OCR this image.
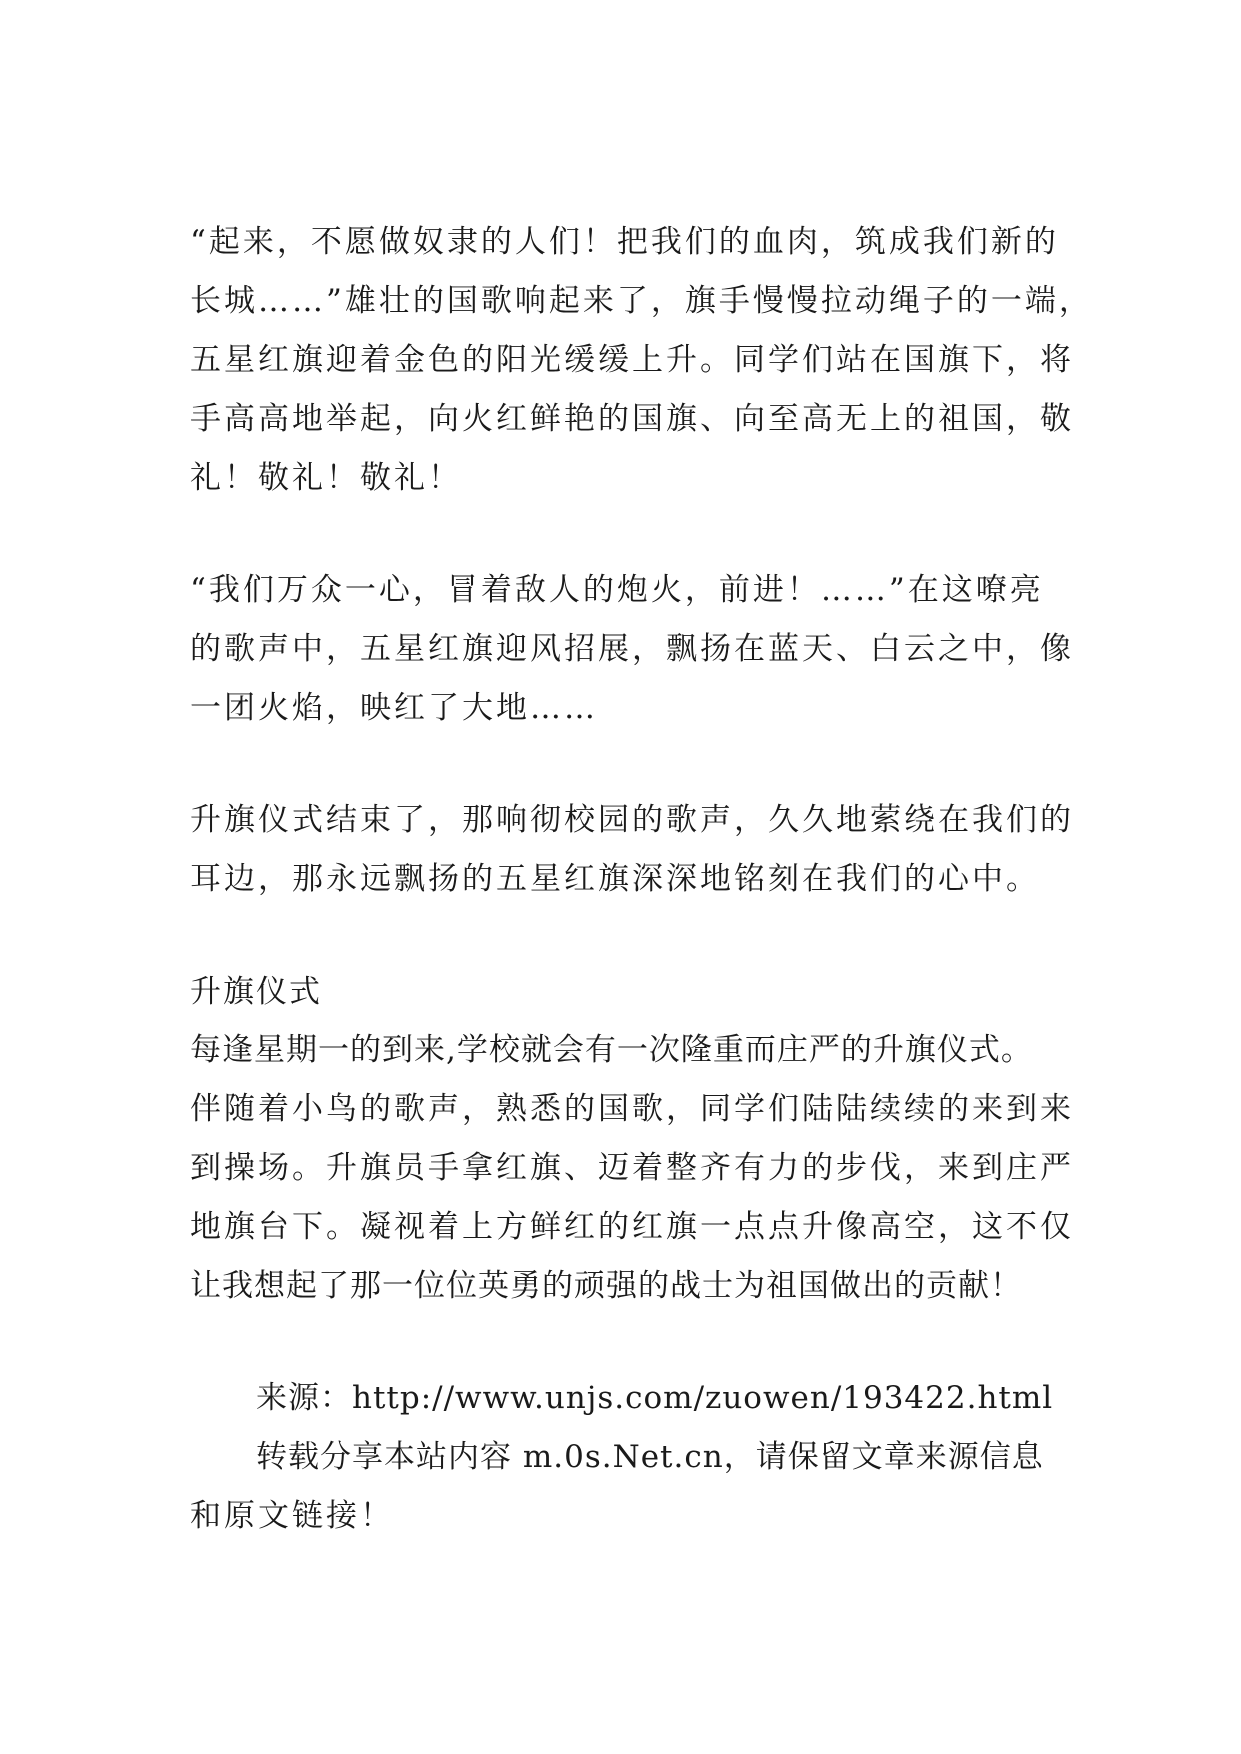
“起来，不愿做奴隶的人们！把我们的血肉，筑成我们新的
长城……”雄壮的国歌响起来了，旗手慢慢拉动绳子的一端，
五星红旗迎着金色的阳光缓缓上升。同学们站在国旗下，将
手高高地举起，向火红鲜艳的国旗、向至高无上的祖国，敬
礼！敬礼！敬礼！
“我们万众一心，冒着敌人的炮火，前进！……”在这嘹亮
的歌声中，五星红旗迎风招展，飘扬在蓝天、白云之中，像
一团火焰，映红了大地……
升旗仪式结束了，那响彻校园的歌声，久久地萦绕在我们的
耳边，那永远飘扬的五星红旗深深地铭刻在我们的心中。
升旗仪式
每逢星期一的到来,学校就会有一次隆重而庄严的升旗仪式。
伴随着小鸟的歌声，熟悉的国歌，同学们陆陆续续的来到来
到操场。升旗员手拿红旗、迈着整齐有力的步伐，来到庄严
地旗台下。凝视着上方鲜红的红旗一点点升像高空，这不仅
让我想起了那一位位英勇的顽强的战士为祖国做出的贡献！
来源：http://www.unjs.com/zuowen/193422.html
转载分享本站内容 m.0s.Net.cn，请保留文章来源信息
和原文链接！
